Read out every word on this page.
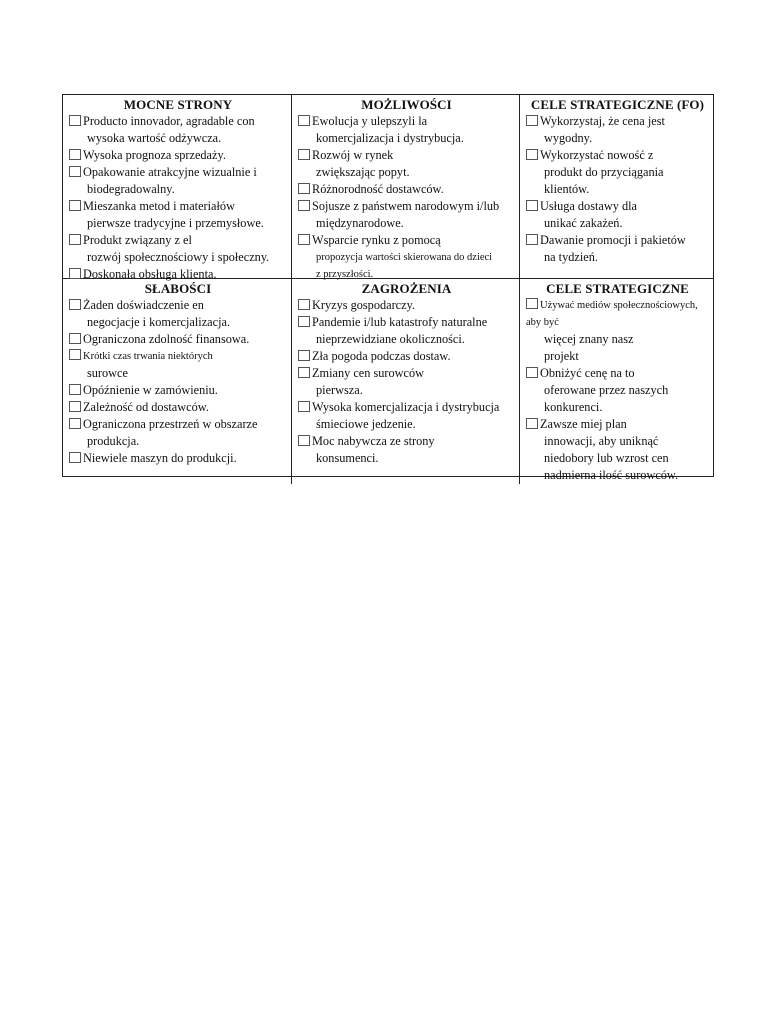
MOCNE STRONY
Producto innovador, agradable con
wysoka wartość odżywcza.
Wysoka prognoza sprzedaży.
Opakowanie atrakcyjne wizualnie i
biodegradowalny.
Mieszanka metod i materiałów
pierwsze tradycyjne i przemysłowe.
Produkt związany z el
rozwój społecznościowy i społeczny.
Doskonała obsługa klienta.
MOŻLIWOŚCI
Ewolucja y ulepszyli la
komercjalizacja i dystrybucja.
Rozwój w rynek
zwiększając popyt.
Różnorodność dostawców.
Sojusze z państwem narodowym i/lub
międzynarodowe.
Wsparcie rynku z pomocą
propozycja wartości skierowana do dzieci
z przyszłości.
CELE STRATEGICZNE (FO)
Wykorzystaj, że cena jest
wygodny.
Wykorzystać nowość z
produkt do przyciągania
klientów.
Usługa dostawy dla
unikać zakażeń.
Dawanie promocji i pakietów
na tydzień.
SŁABOŚCI
Żaden doświadczenie en
negocjacje i komercjalizacja.
Ograniczona zdolność finansowa.
Krótki czas trwania niektórych
surowce
Opóźnienie w zamówieniu.
Zależność od dostawców.
Ograniczona przestrzeń w obszarze
produkcja.
Niewiele maszyn do produkcji.
ZAGROŻENIA
Kryzys gospodarczy.
Pandemie i/lub katastrofy naturalne
nieprzewidziane okoliczności.
Zła pogoda podczas dostaw.
Zmiany cen surowców
pierwsza.
Wysoka komercjalizacja i dystrybucja
śmieciowe jedzenie.
Moc nabywcza ze strony
konsumenci.
CELE STRATEGICZNE
Używać mediów społecznościowych, aby być
więcej znany nasz
projekt
Obniżyć cenę na to
oferowane przez naszych
konkurenci.
Zawsze miej plan
innowacji, aby uniknąć
niedobory lub wzrost cen
nadmierna ilość surowców.
